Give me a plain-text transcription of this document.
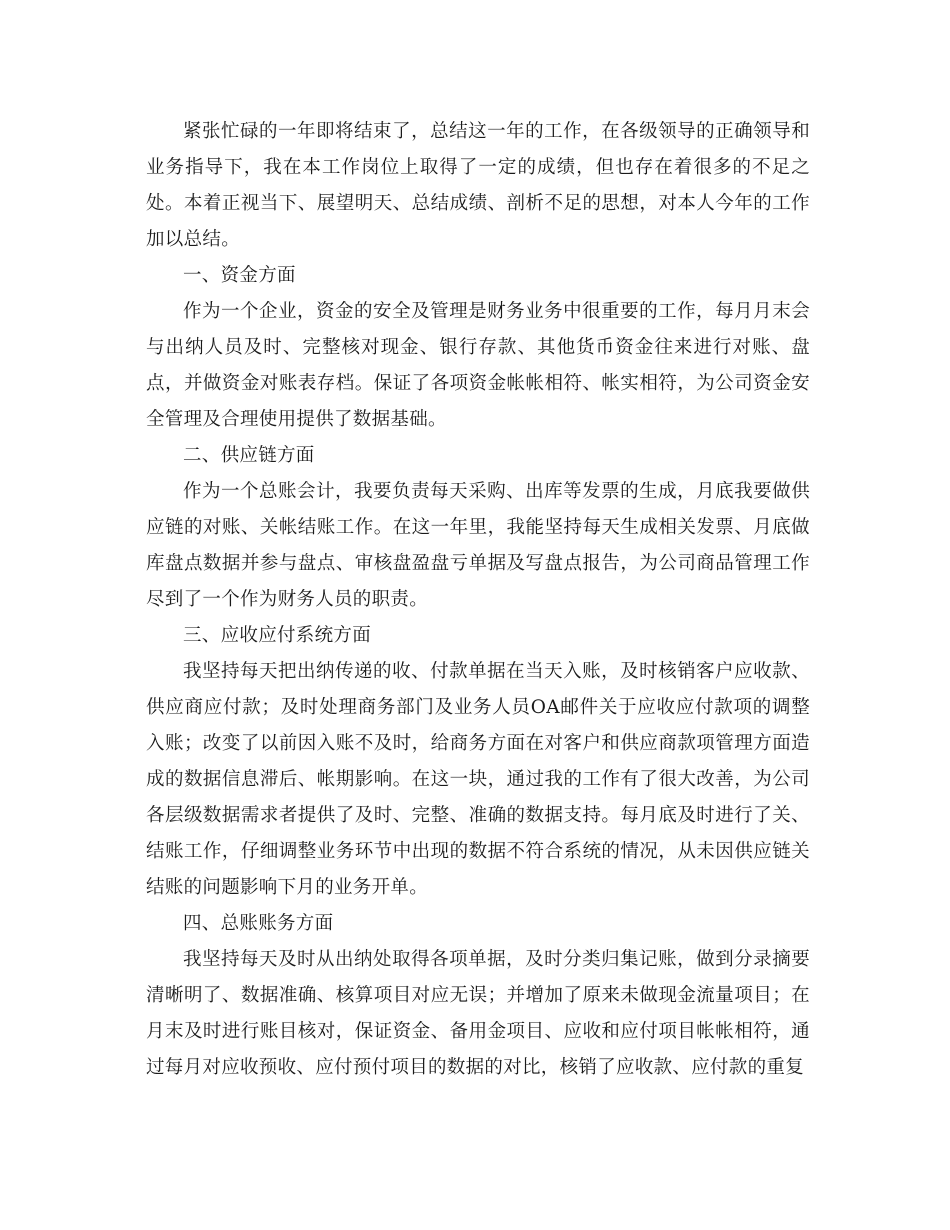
紧张忙碌的一年即将结束了，总结这一年的工作，在各级领导的正确领导和业务指导下，我在本工作岗位上取得了一定的成绩，但也存在着很多的不足之处。本着正视当下、展望明天、总结成绩、剖析不足的思想，对本人今年的工作加以总结。

一、资金方面

作为一个企业，资金的安全及管理是财务业务中很重要的工作，每月月末会与出纳人员及时、完整核对现金、银行存款、其他货币资金往来进行对账、盘点，并做资金对账表存档。保证了各项资金帐帐相符、帐实相符，为公司资金安全管理及合理使用提供了数据基础。

二、供应链方面

作为一个总账会计，我要负责每天采购、出库等发票的生成，月底我要做供应链的对账、关帐结账工作。在这一年里，我能坚持每天生成相关发票、月底做库盘点数据并参与盘点、审核盘盈盘亏单据及写盘点报告，为公司商品管理工作尽到了一个作为财务人员的职责。

三、应收应付系统方面

我坚持每天把出纳传递的收、付款单据在当天入账，及时核销客户应收款、供应商应付款；及时处理商务部门及业务人员OA邮件关于应收应付款项的调整入账；改变了以前因入账不及时，给商务方面在对客户和供应商款项管理方面造成的数据信息滞后、帐期影响。在这一块，通过我的工作有了很大改善，为公司各层级数据需求者提供了及时、完整、准确的数据支持。每月底及时进行了关、结账工作，仔细调整业务环节中出现的数据不符合系统的情况，从未因供应链关结账的问题影响下月的业务开单。

四、总账账务方面

我坚持每天及时从出纳处取得各项单据，及时分类归集记账，做到分录摘要清晰明了、数据准确、核算项目对应无误；并增加了原来未做现金流量项目；在月末及时进行账目核对，保证资金、备用金项目、应收和应付项目帐帐相符，通过每月对应收预收、应付预付项目的数据的对比，核销了应收款、应付款的重复
